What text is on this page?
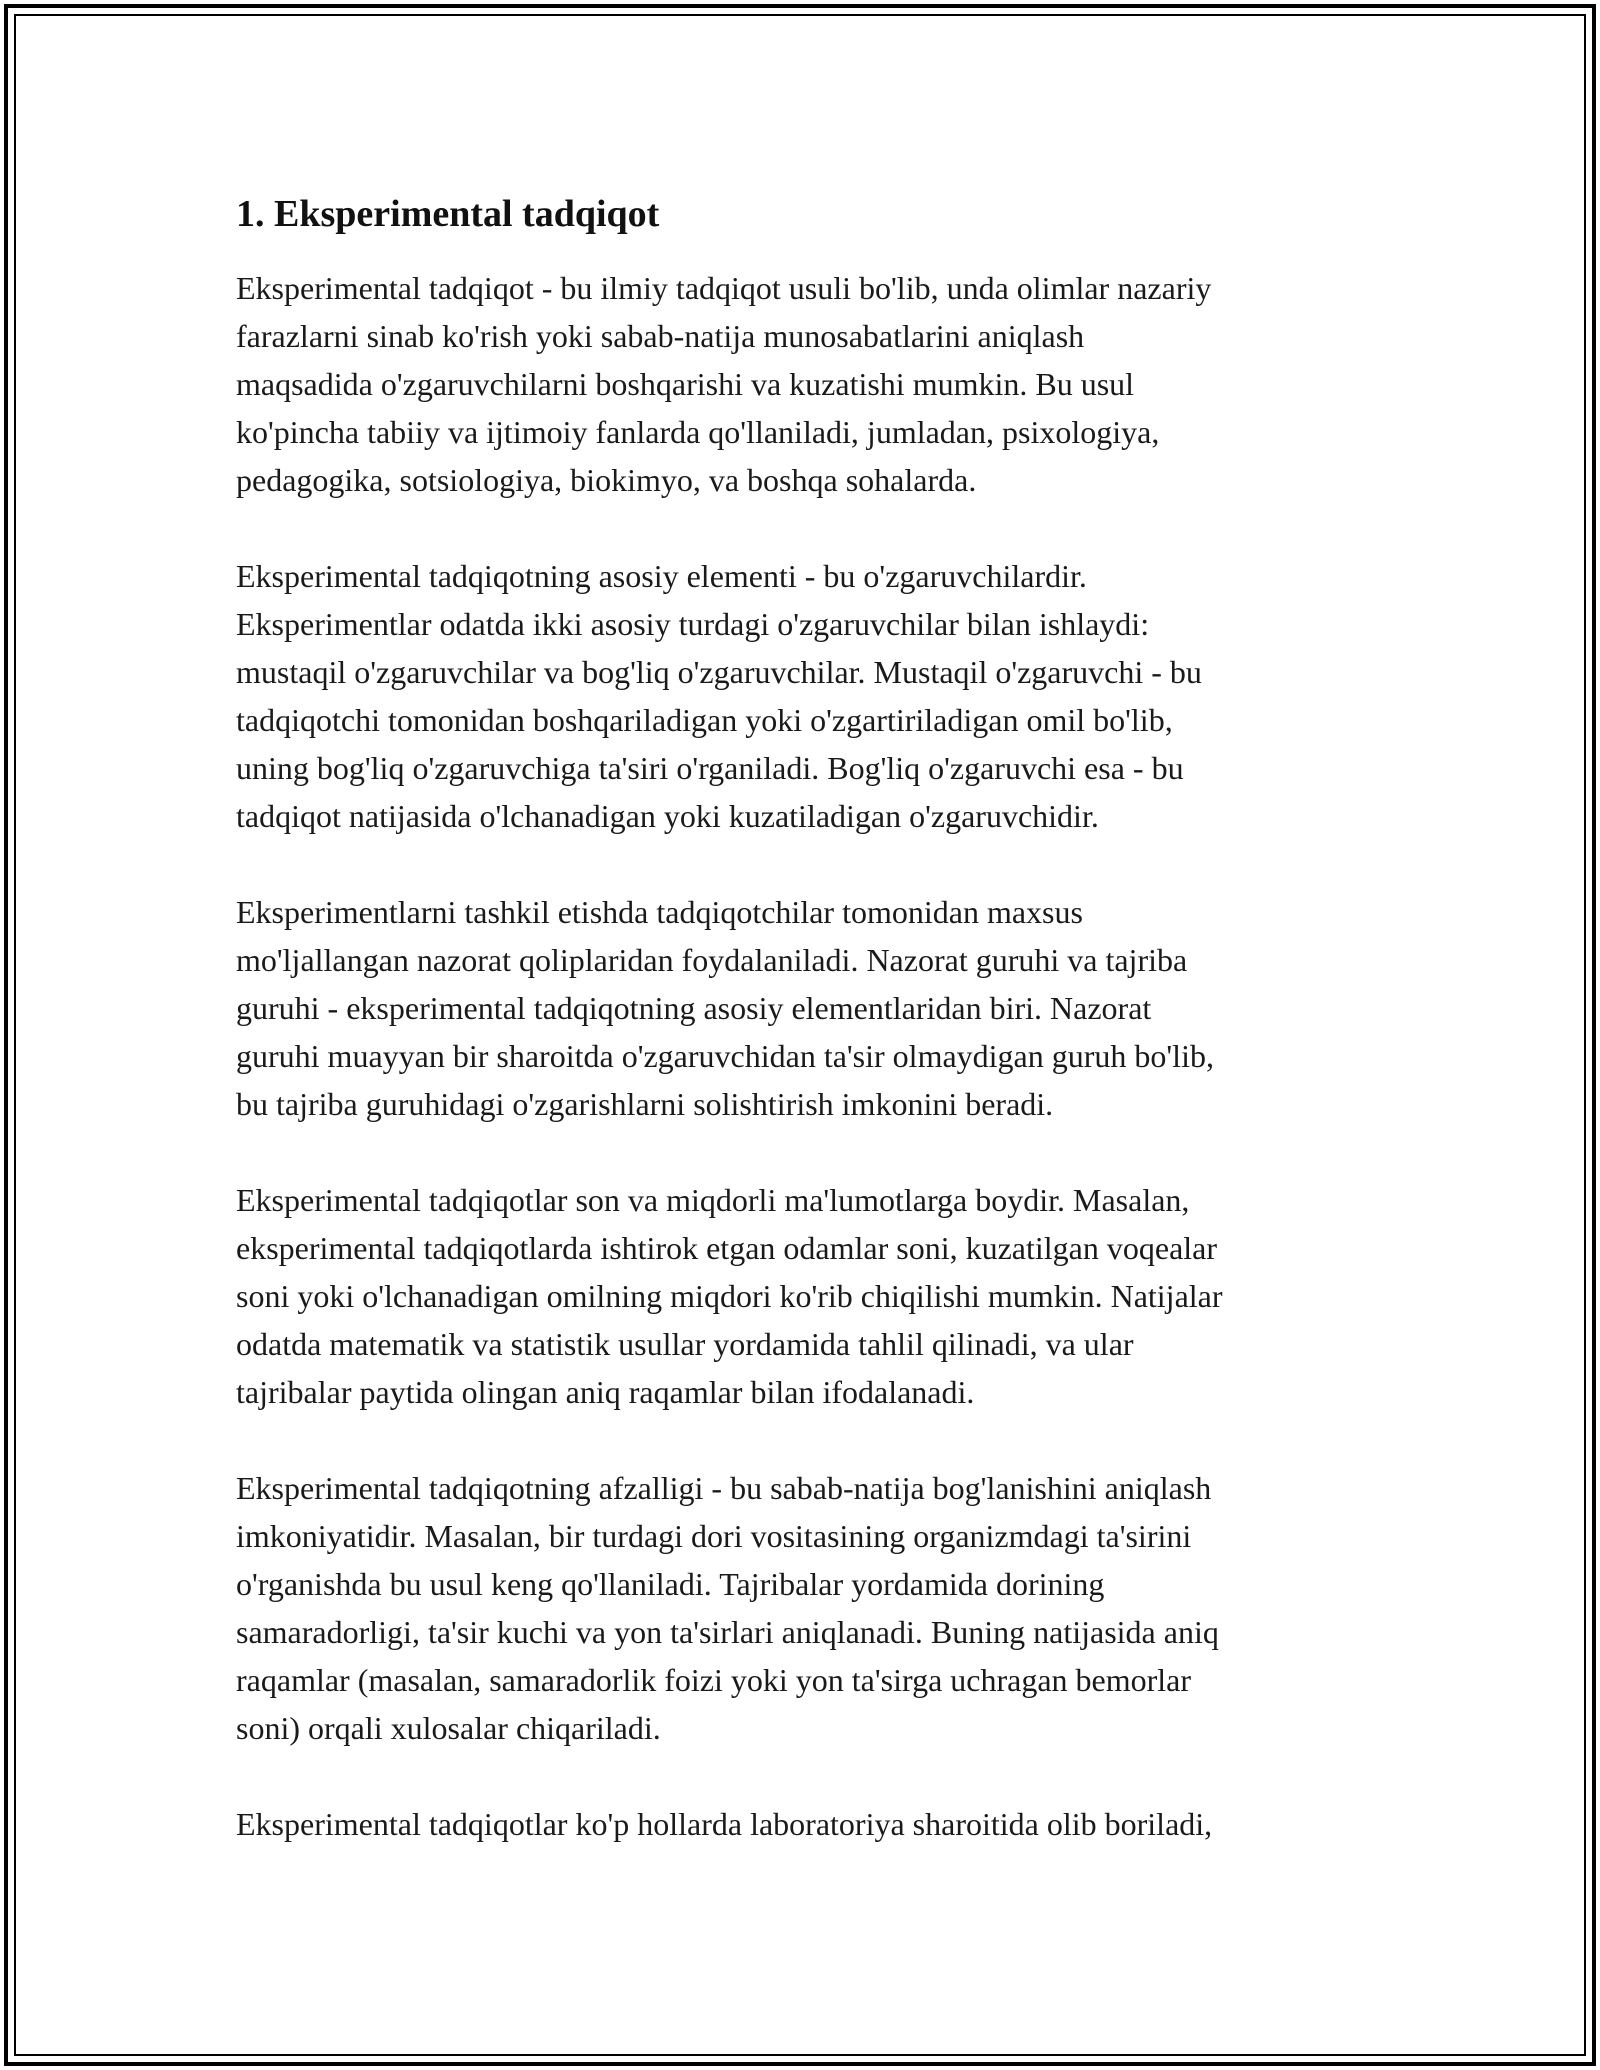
1. Eksperimental tadqiqot
Eksperimental tadqiqot - bu ilmiy tadqiqot usuli bo'lib, unda olimlar nazariy
farazlarni sinab ko'rish yoki sabab-natija munosabatlarini aniqlash
maqsadida o'zgaruvchilarni boshqarishi va kuzatishi mumkin. Bu usul
ko'pincha tabiiy va ijtimoiy fanlarda qo'llaniladi, jumladan, psixologiya,
pedagogika, sotsiologiya, biokimyo, va boshqa sohalarda.
Eksperimental tadqiqotning asosiy elementi - bu o'zgaruvchilardir.
Eksperimentlar odatda ikki asosiy turdagi o'zgaruvchilar bilan ishlaydi:
mustaqil o'zgaruvchilar va bog'liq o'zgaruvchilar. Mustaqil o'zgaruvchi - bu
tadqiqotchi tomonidan boshqariladigan yoki o'zgartiriladigan omil bo'lib,
uning bog'liq o'zgaruvchiga ta'siri o'rganiladi. Bog'liq o'zgaruvchi esa - bu
tadqiqot natijasida o'lchanadigan yoki kuzatiladigan o'zgaruvchidir.
Eksperimentlarni tashkil etishda tadqiqotchilar tomonidan maxsus
mo'ljallangan nazorat qoliplaridan foydalaniladi. Nazorat guruhi va tajriba
guruhi - eksperimental tadqiqotning asosiy elementlaridan biri. Nazorat
guruhi muayyan bir sharoitda o'zgaruvchidan ta'sir olmaydigan guruh bo'lib,
bu tajriba guruhidagi o'zgarishlarni solishtirish imkonini beradi.
Eksperimental tadqiqotlar son va miqdorli ma'lumotlarga boydir. Masalan,
eksperimental tadqiqotlarda ishtirok etgan odamlar soni, kuzatilgan voqealar
soni yoki o'lchanadigan omilning miqdori ko'rib chiqilishi mumkin. Natijalar
odatda matematik va statistik usullar yordamida tahlil qilinadi, va ular
tajribalar paytida olingan aniq raqamlar bilan ifodalanadi.
Eksperimental tadqiqotning afzalligi - bu sabab-natija bog'lanishini aniqlash
imkoniyatidir. Masalan, bir turdagi dori vositasining organizmdagi ta'sirini
o'rganishda bu usul keng qo'llaniladi. Tajribalar yordamida dorining
samaradorligi, ta'sir kuchi va yon ta'sirlari aniqlanadi. Buning natijasida aniq
raqamlar (masalan, samaradorlik foizi yoki yon ta'sirga uchragan bemorlar
soni) orqali xulosalar chiqariladi.
Eksperimental tadqiqotlar ko'p hollarda laboratoriya sharoitida olib boriladi,
